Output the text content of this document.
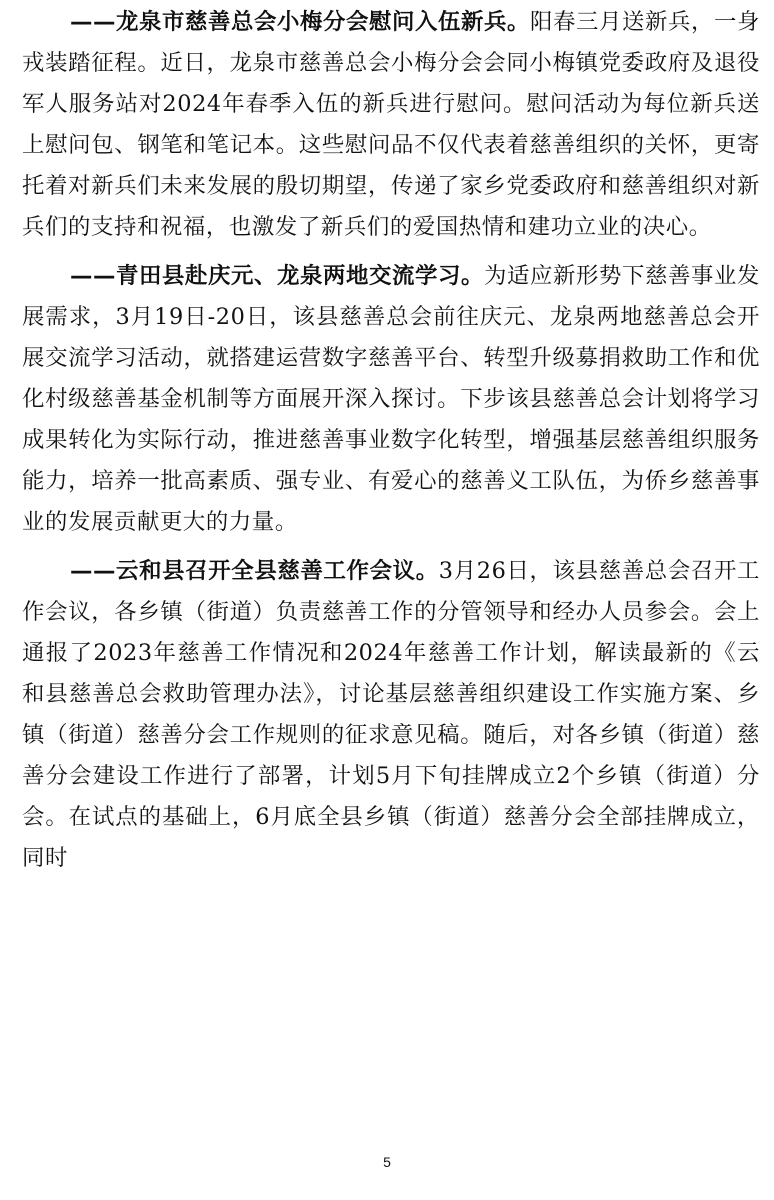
——龙泉市慈善总会小梅分会慰问入伍新兵。阳春三月送新兵，一身戎装踏征程。近日，龙泉市慈善总会小梅分会会同小梅镇党委政府及退役军人服务站对2024年春季入伍的新兵进行慰问。慰问活动为每位新兵送上慰问包、钢笔和笔记本。这些慰问品不仅代表着慈善组织的关怀，更寄托着对新兵们未来发展的殷切期望，传递了家乡党委政府和慈善组织对新兵们的支持和祝福，也激发了新兵们的爱国热情和建功立业的决心。

——青田县赴庆元、龙泉两地交流学习。为适应新形势下慈善事业发展需求，3月19日-20日，该县慈善总会前往庆元、龙泉两地慈善总会开展交流学习活动，就搭建运营数字慈善平台、转型升级募捐救助工作和优化村级慈善基金机制等方面展开深入探讨。下步该县慈善总会计划将学习成果转化为实际行动，推进慈善事业数字化转型，增强基层慈善组织服务能力，培养一批高素质、强专业、有爱心的慈善义工队伍，为侨乡慈善事业的发展贡献更大的力量。

——云和县召开全县慈善工作会议。3月26日，该县慈善总会召开工作会议，各乡镇（街道）负责慈善工作的分管领导和经办人员参会。会上通报了2023年慈善工作情况和2024年慈善工作计划，解读最新的《云和县慈善总会救助管理办法》，讨论基层慈善组织建设工作实施方案、乡镇（街道）慈善分会工作规则的征求意见稿。随后，对各乡镇（街道）慈善分会建设工作进行了部署，计划5月下旬挂牌成立2个乡镇（街道）分会。在试点的基础上，6月底全县乡镇（街道）慈善分会全部挂牌成立，同时

5
